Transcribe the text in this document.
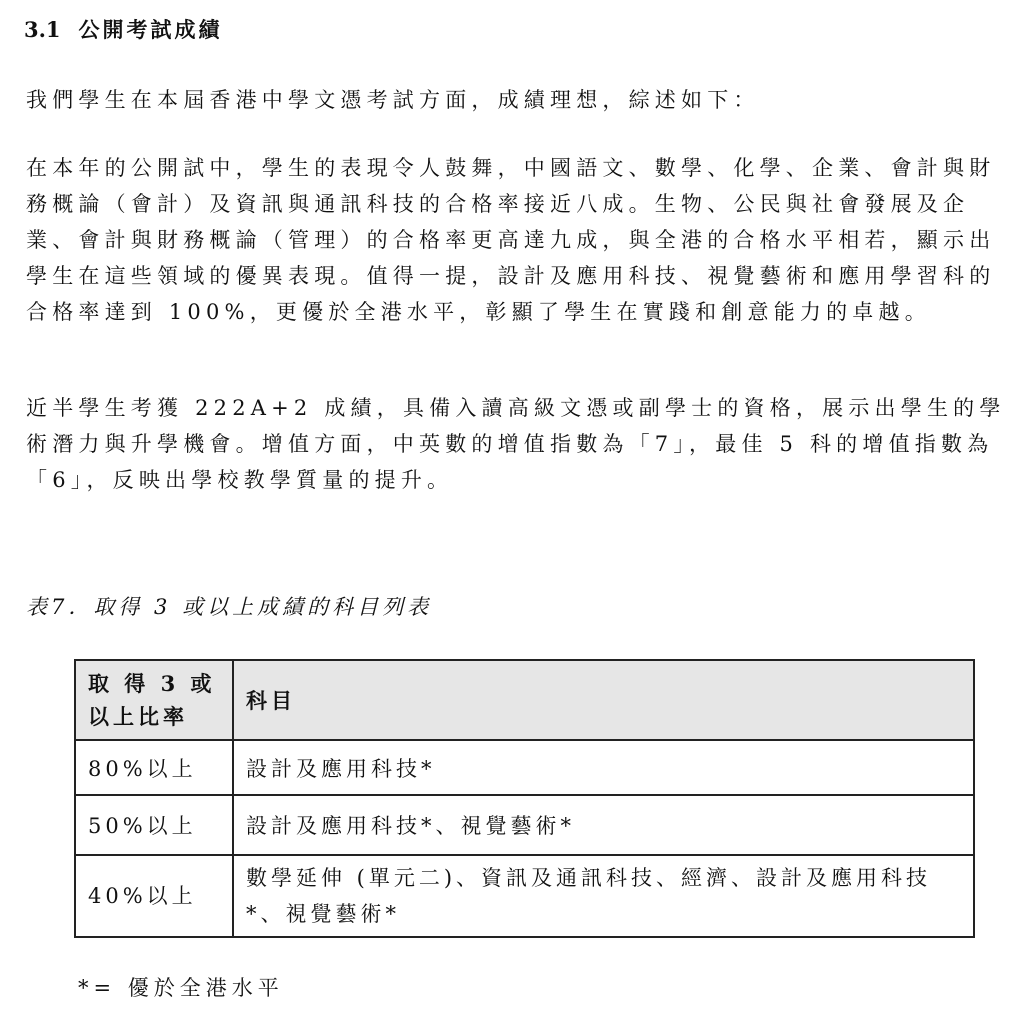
3.1 公開考試成績

我們學生在本屆香港中學文憑考試方面，成績理想，綜述如下：

在本年的公開試中，學生的表現令人鼓舞，中國語文、數學、化學、企業、會計與財務概論（會計）及資訊與通訊科技的合格率接近八成。生物、公民與社會發展及企業、會計與財務概論（管理）的合格率更高達九成，與全港的合格水平相若，顯示出學生在這些領域的優異表現。值得一提，設計及應用科技、視覺藝術和應用學習科的合格率達到 100%，更優於全港水平，彰顯了學生在實踐和創意能力的卓越。

近半學生考獲 222A+2 成績，具備入讀高級文憑或副學士的資格，展示出學生的學術潛力與升學機會。增值方面，中英數的增值指數為「7」，最佳 5 科的增值指數為「6」，反映出學校教學質量的提升。

表7．取得 3 或以上成績的科目列表
取 得 3 或
以上比率	科目
80%以上	設計及應用科技*
50%以上	設計及應用科技*、視覺藝術*
40%以上	數學延伸 (單元二)、資訊及通訊科技、經濟、設計及應用科技*、視覺藝術*
*= 優於全港水平
